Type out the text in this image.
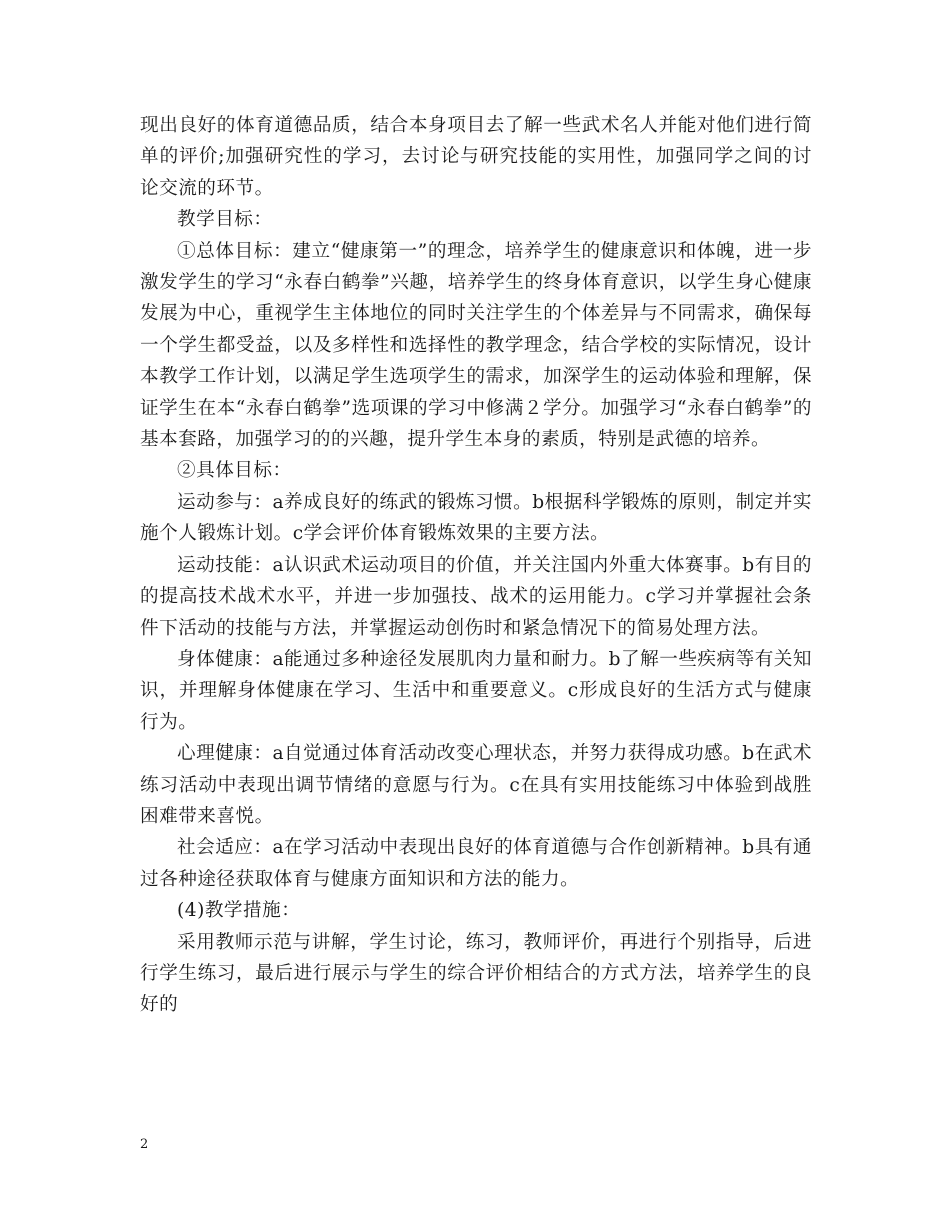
现出良好的体育道德品质，结合本身项目去了解一些武术名人并能对他们进行简单的评价;加强研究性的学习，去讨论与研究技能的实用性，加强同学之间的讨论交流的环节。

教学目标：

①总体目标：建立“健康第一”的理念，培养学生的健康意识和体魄，进一步激发学生的学习“永春白鹤拳”兴趣，培养学生的终身体育意识，以学生身心健康发展为中心，重视学生主体地位的同时关注学生的个体差异与不同需求，确保每一个学生都受益，以及多样性和选择性的教学理念，结合学校的实际情况，设计本教学工作计划，以满足学生选项学生的需求，加深学生的运动体验和理解，保证学生在本“永春白鹤拳”选项课的学习中修满２学分。加强学习“永春白鹤拳”的基本套路，加强学习的的兴趣，提升学生本身的素质，特别是武德的培养。

②具体目标：

运动参与：a养成良好的练武的锻炼习惯。b根据科学锻炼的原则，制定并实施个人锻炼计划。c学会评价体育锻炼效果的主要方法。

运动技能：a认识武术运动项目的价值，并关注国内外重大体赛事。b有目的的提高技术战术水平，并进一步加强技、战术的运用能力。c学习并掌握社会条件下活动的技能与方法，并掌握运动创伤时和紧急情况下的简易处理方法。

身体健康：a能通过多种途径发展肌肉力量和耐力。b了解一些疾病等有关知识，并理解身体健康在学习、生活中和重要意义。c形成良好的生活方式与健康行为。

心理健康：a自觉通过体育活动改变心理状态，并努力获得成功感。b在武术练习活动中表现出调节情绪的意愿与行为。c在具有实用技能练习中体验到战胜困难带来喜悦。

社会适应：a在学习活动中表现出良好的体育道德与合作创新精神。b具有通过各种途径获取体育与健康方面知识和方法的能力。

(4)教学措施：

采用教师示范与讲解，学生讨论，练习，教师评价，再进行个别指导，后进行学生练习，最后进行展示与学生的综合评价相结合的方式方法，培养学生的良好的

2
